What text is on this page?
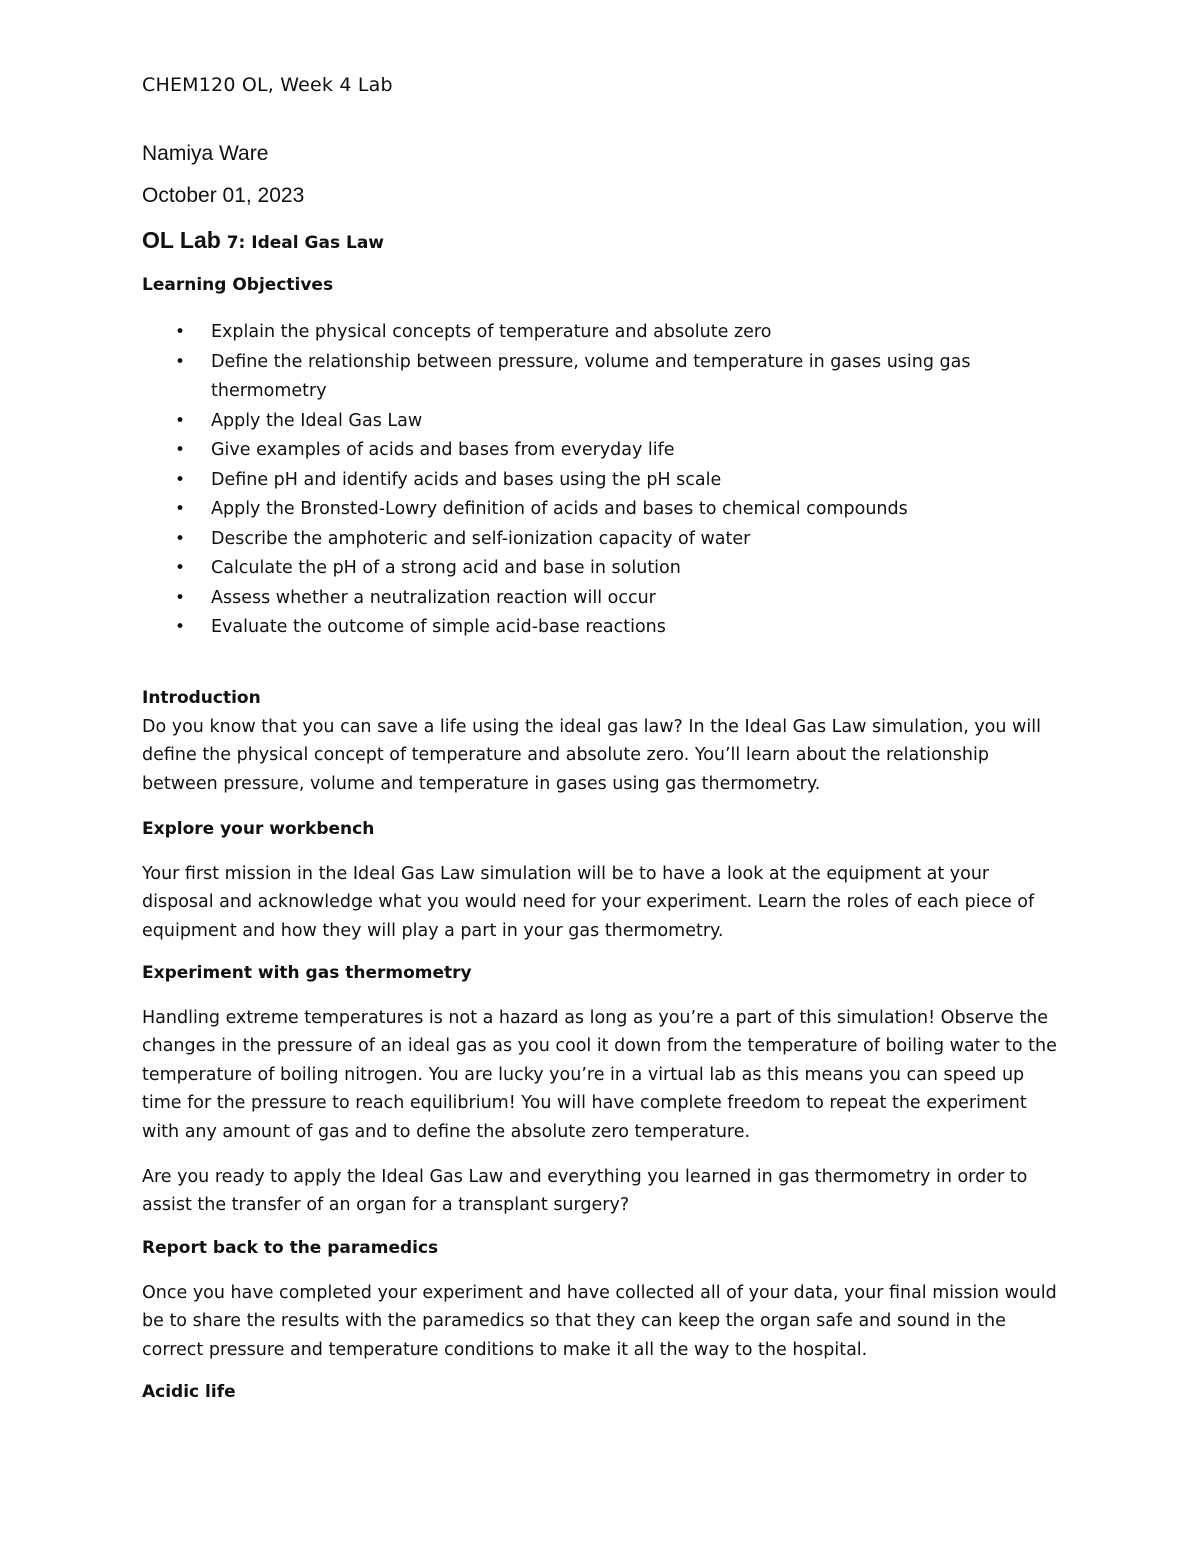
CHEM120 OL, Week 4 Lab
Namiya Ware
October 01, 2023
OL Lab 7: Ideal Gas Law
Learning Objectives
• Explain the physical concepts of temperature and absolute zero
• Define the relationship between pressure, volume and temperature in gases using gas thermometry
• Apply the Ideal Gas Law
• Give examples of acids and bases from everyday life
• Define pH and identify acids and bases using the pH scale
• Apply the Bronsted-Lowry definition of acids and bases to chemical compounds
• Describe the amphoteric and self-ionization capacity of water
• Calculate the pH of a strong acid and base in solution
• Assess whether a neutralization reaction will occur
• Evaluate the outcome of simple acid-base reactions
Introduction

Do you know that you can save a life using the ideal gas law? In the Ideal Gas Law simulation, you will define the physical concept of temperature and absolute zero. You’ll learn about the relationship between pressure, volume and temperature in gases using gas thermometry.

Explore your workbench

Your first mission in the Ideal Gas Law simulation will be to have a look at the equipment at your disposal and acknowledge what you would need for your experiment. Learn the roles of each piece of equipment and how they will play a part in your gas thermometry.

Experiment with gas thermometry

Handling extreme temperatures is not a hazard as long as you’re a part of this simulation! Observe the changes in the pressure of an ideal gas as you cool it down from the temperature of boiling water to the temperature of boiling nitrogen. You are lucky you’re in a virtual lab as this means you can speed up time for the pressure to reach equilibrium! You will have complete freedom to repeat the experiment with any amount of gas and to define the absolute zero temperature.

Are you ready to apply the Ideal Gas Law and everything you learned in gas thermometry in order to assist the transfer of an organ for a transplant surgery?

Report back to the paramedics

Once you have completed your experiment and have collected all of your data, your final mission would be to share the results with the paramedics so that they can keep the organ safe and sound in the correct pressure and temperature conditions to make it all the way to the hospital.

Acidic life
